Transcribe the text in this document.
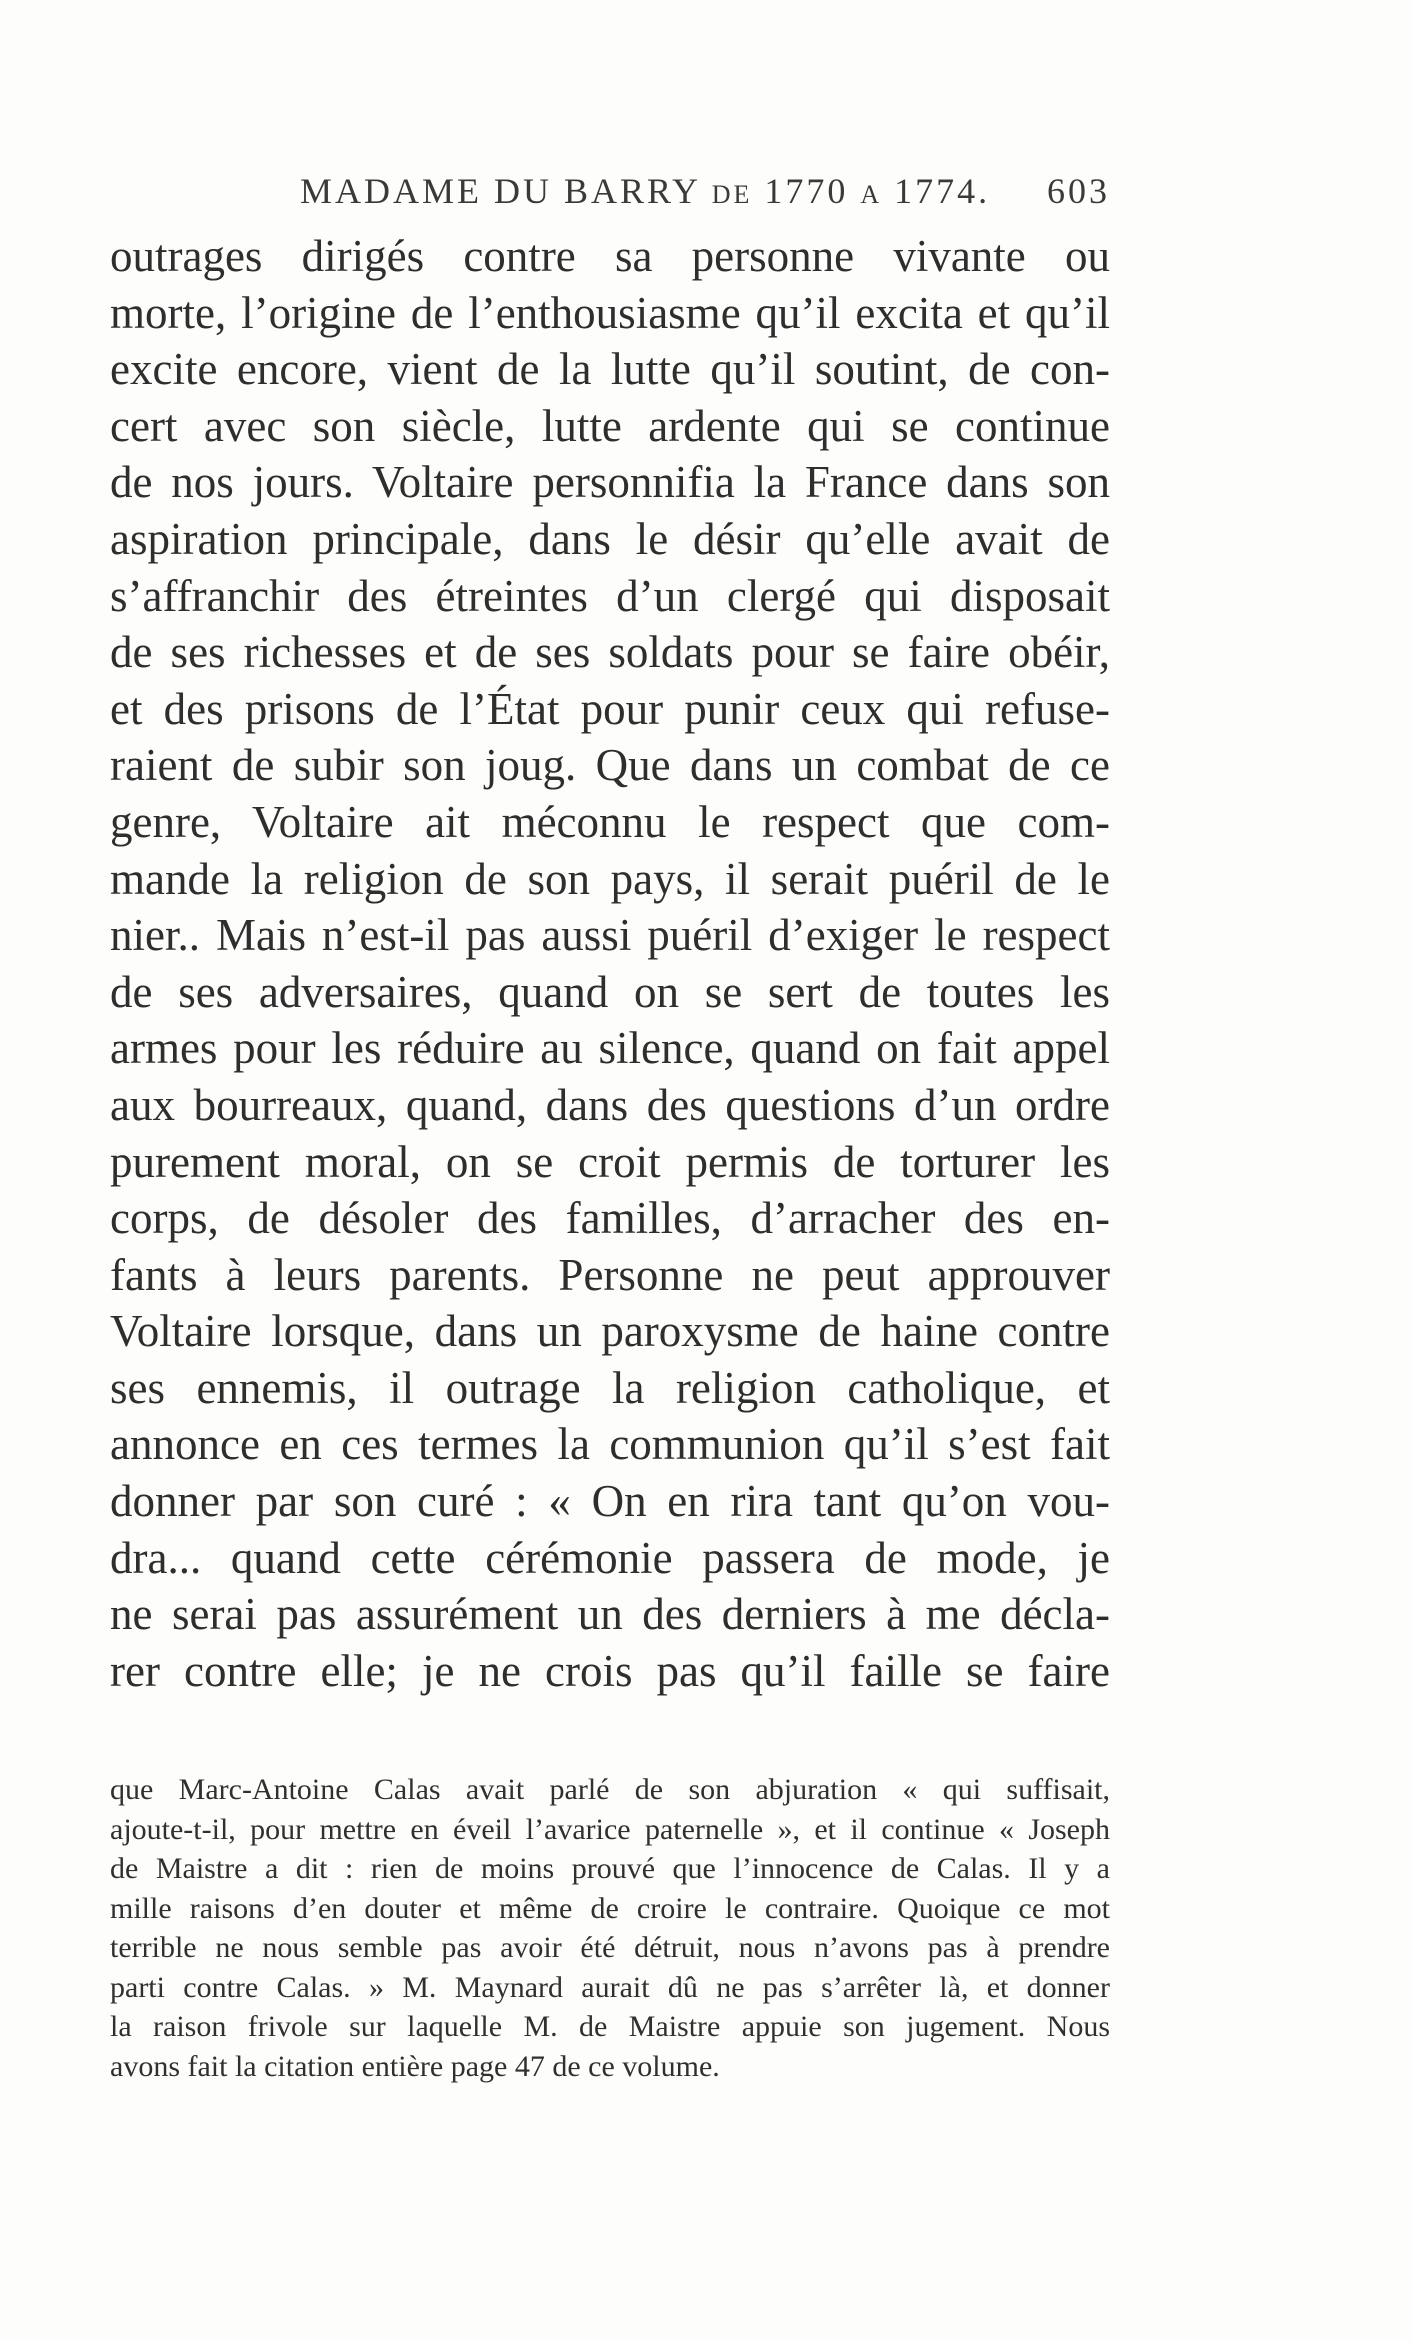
MADAME DU BARRY DE 1770 A 1774. 603
outrages dirigés contre sa personne vivante ou
morte, l’origine de l’enthousiasme qu’il excita et qu’il
excite encore, vient de la lutte qu’il soutint, de con-
cert avec son siècle, lutte ardente qui se continue
de nos jours. Voltaire personnifia la France dans son
aspiration principale, dans le désir qu’elle avait de
s’affranchir des étreintes d’un clergé qui disposait
de ses richesses et de ses soldats pour se faire obéir,
et des prisons de l’État pour punir ceux qui refuse-
raient de subir son joug. Que dans un combat de ce
genre, Voltaire ait méconnu le respect que com-
mande la religion de son pays, il serait puéril de le
nier.. Mais n’est-il pas aussi puéril d’exiger le respect
de ses adversaires, quand on se sert de toutes les
armes pour les réduire au silence, quand on fait appel
aux bourreaux, quand, dans des questions d’un ordre
purement moral, on se croit permis de torturer les
corps, de désoler des familles, d’arracher des en-
fants à leurs parents. Personne ne peut approuver
Voltaire lorsque, dans un paroxysme de haine contre
ses ennemis, il outrage la religion catholique, et
annonce en ces termes la communion qu’il s’est fait
donner par son curé : « On en rira tant qu’on vou-
dra... quand cette cérémonie passera de mode, je
ne serai pas assurément un des derniers à me décla-
rer contre elle; je ne crois pas qu’il faille se faire
que Marc-Antoine Calas avait parlé de son abjuration « qui suffisait,
ajoute-t-il, pour mettre en éveil l’avarice paternelle », et il continue « Joseph
de Maistre a dit : rien de moins prouvé que l’innocence de Calas. Il y a
mille raisons d’en douter et même de croire le contraire. Quoique ce mot
terrible ne nous semble pas avoir été détruit, nous n’avons pas à prendre
parti contre Calas. » M. Maynard aurait dû ne pas s’arrêter là, et donner
la raison frivole sur laquelle M. de Maistre appuie son jugement. Nous
avons fait la citation entière page 47 de ce volume.
